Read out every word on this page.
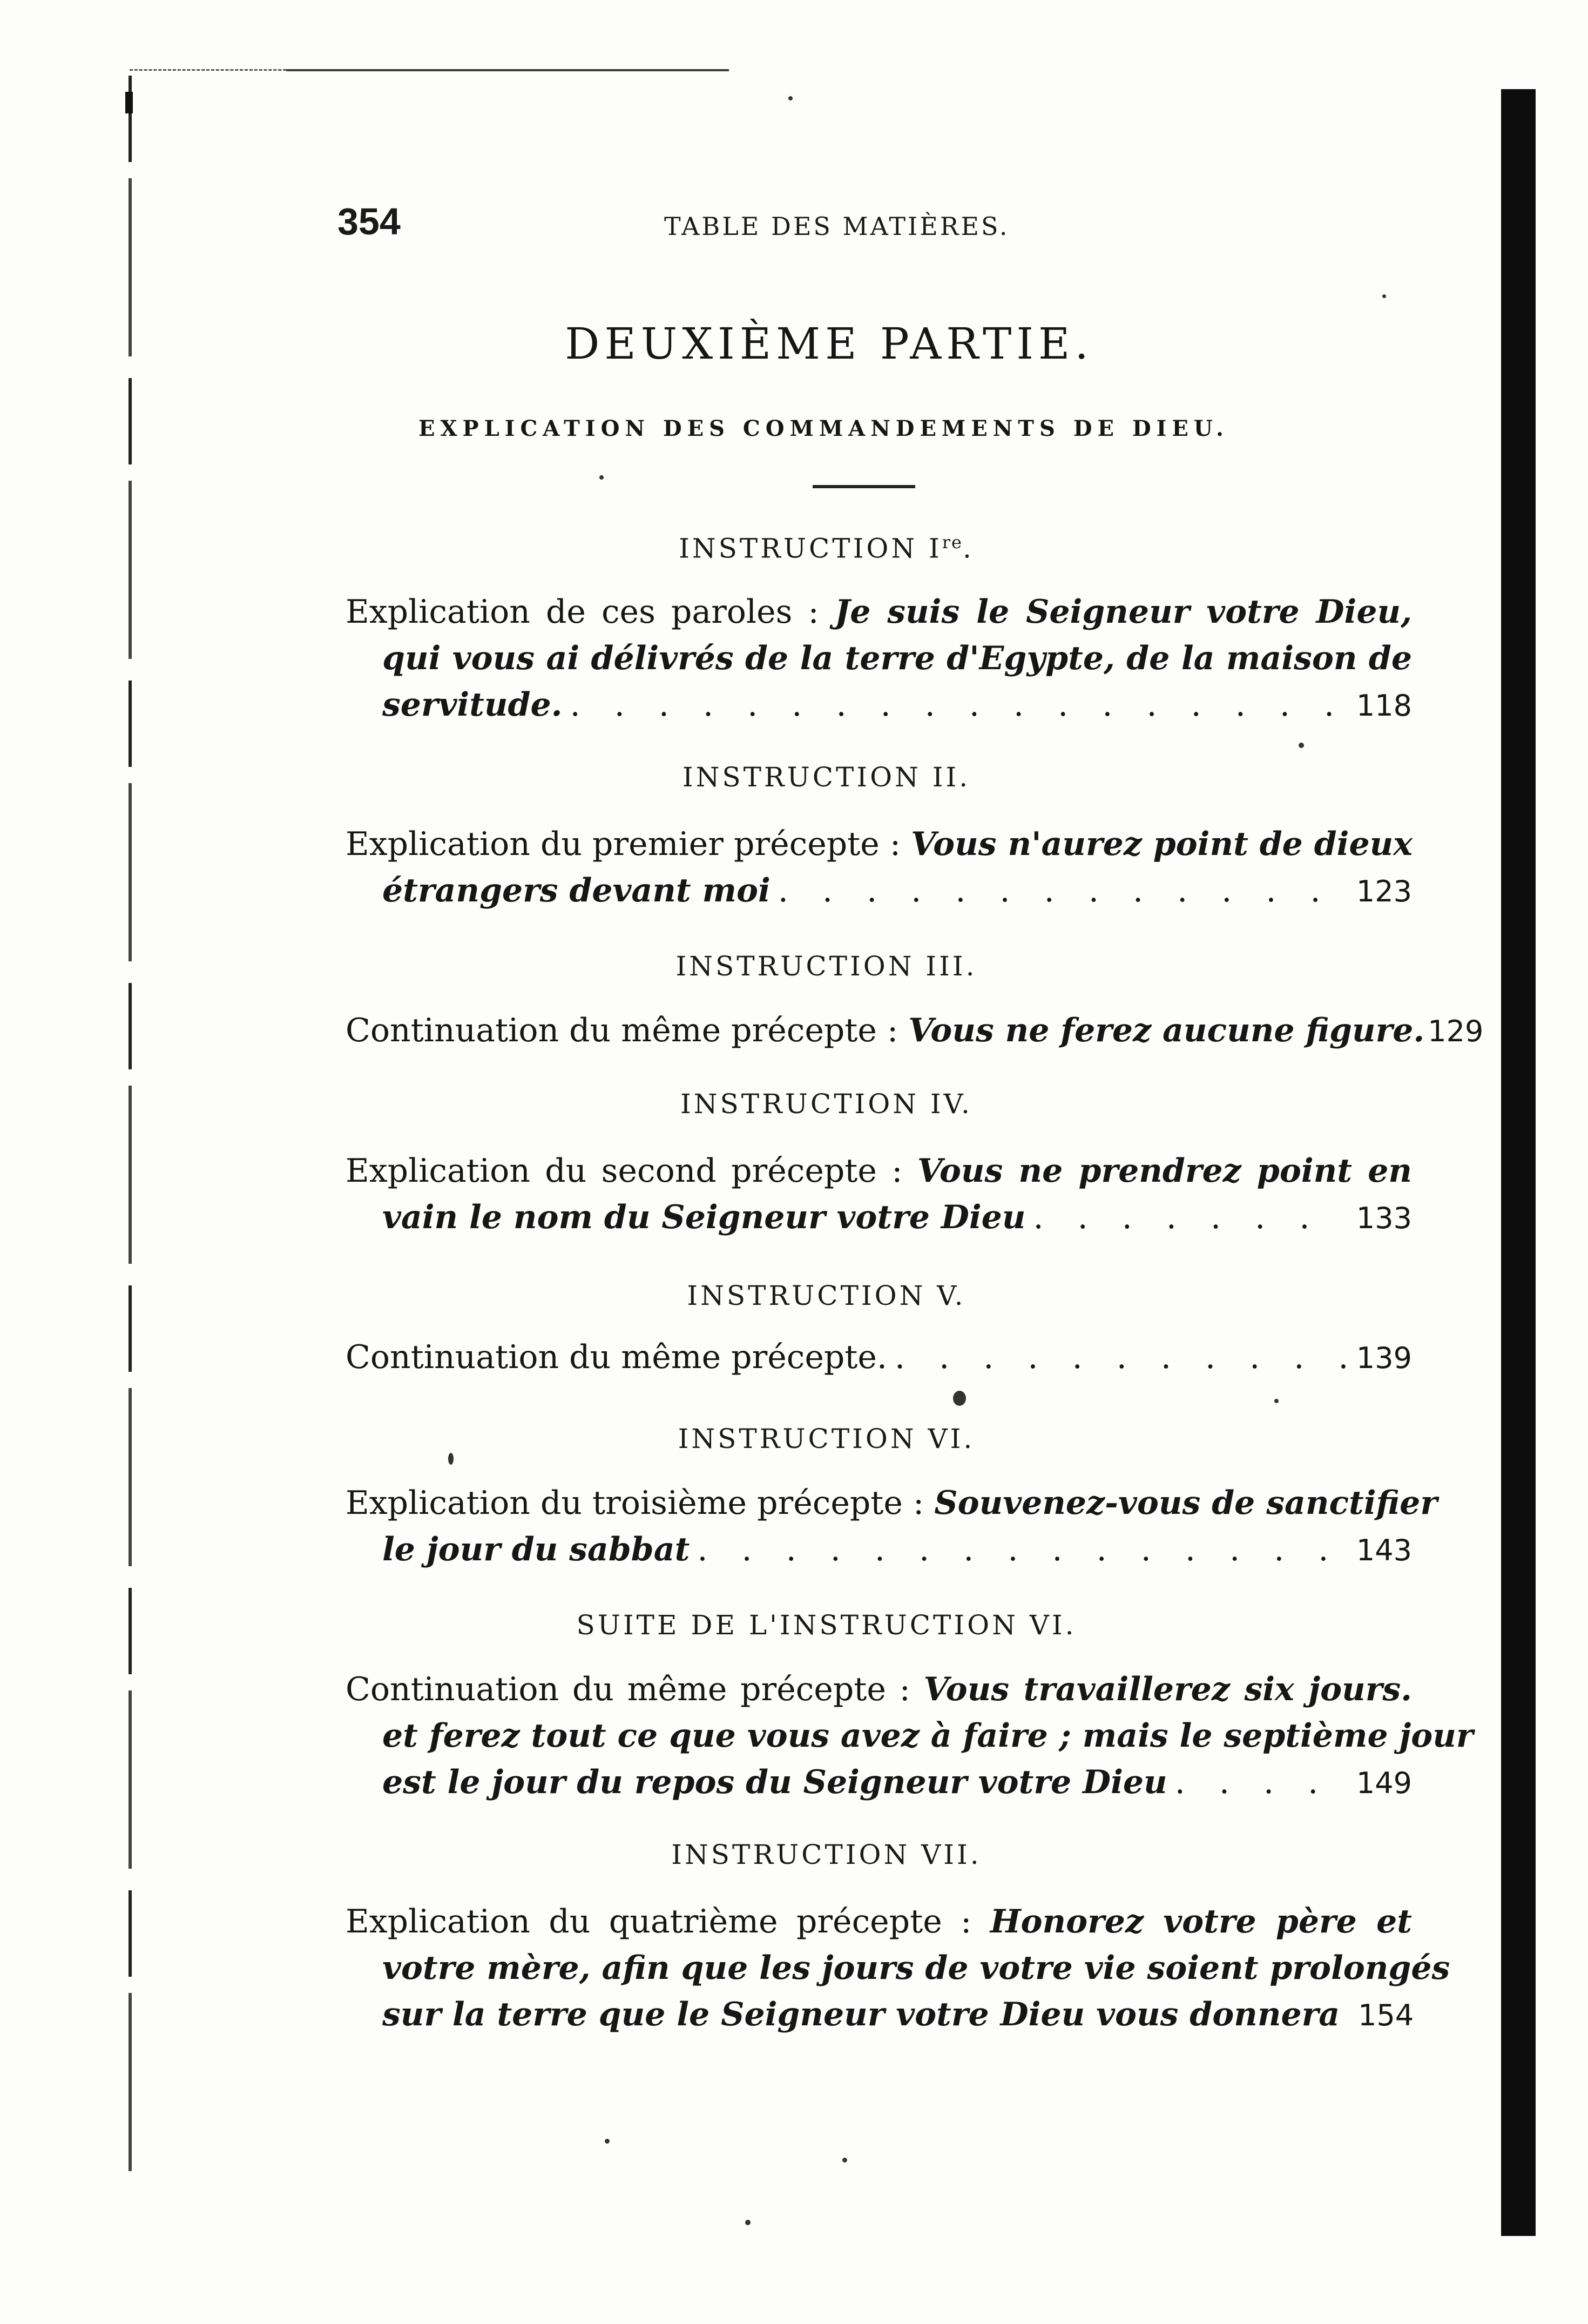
354	TABLE DES MATIÈRES.
DEUXIÈME PARTIE.
EXPLICATION DES COMMANDEMENTS DE DIEU.
INSTRUCTION Ire.
Explication de ces paroles : Je suis le Seigneur votre Dieu,
qui vous ai délivrés de la terre d'Egypte, de la maison de
servitude. . . .	118
INSTRUCTION II.
Explication du premier précepte : Vous n'aurez point de dieux
étrangers devant moi . . .	123
INSTRUCTION III.
Continuation du même précepte : Vous ne ferez aucune figure. 129
INSTRUCTION IV.
Explication du second précepte : Vous ne prendrez point en
vain le nom du Seigneur votre Dieu . . .	133
INSTRUCTION V.
Continuation du même précepte. . . .	139
INSTRUCTION VI.
Explication du troisième précepte : Souvenez-vous de sanctifier
le jour du sabbat . . .	143
SUITE DE L'INSTRUCTION VI.
Continuation du même précepte : Vous travaillerez six jours.
et ferez tout ce que vous avez à faire ; mais le septième jour
est le jour du repos du Seigneur votre Dieu . . .	149
INSTRUCTION VII.
Explication du quatrième précepte : Honorez votre père et
votre mère, afin que les jours de votre vie soient prolongés
sur la terre que le Seigneur votre Dieu vous donnera 154
